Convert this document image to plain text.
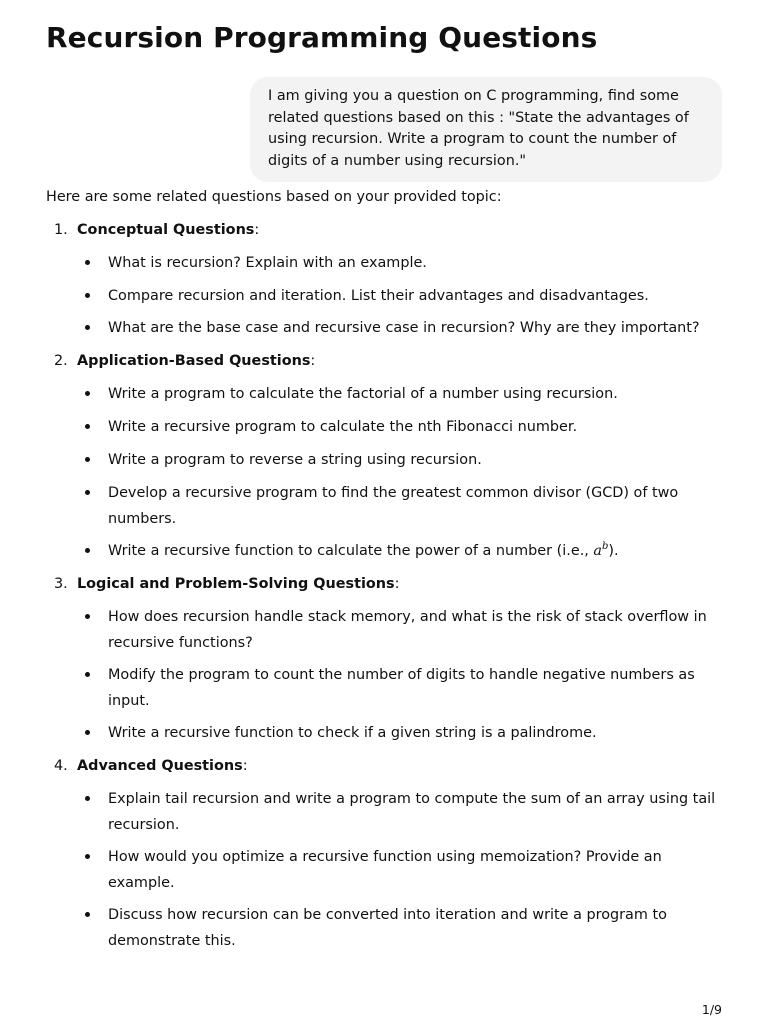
Recursion Programming Questions
I am giving you a question on C programming, find some related questions based on this : "State the advantages of using recursion. Write a program to count the number of digits of a number using recursion."
Here are some related questions based on your provided topic:
1. Conceptual Questions:
What is recursion? Explain with an example.
Compare recursion and iteration. List their advantages and disadvantages.
What are the base case and recursive case in recursion? Why are they important?
2. Application-Based Questions:
Write a program to calculate the factorial of a number using recursion.
Write a recursive program to calculate the nth Fibonacci number.
Write a program to reverse a string using recursion.
Develop a recursive program to find the greatest common divisor (GCD) of two numbers.
Write a recursive function to calculate the power of a number (i.e., $a^b$).
3. Logical and Problem-Solving Questions:
How does recursion handle stack memory, and what is the risk of stack overflow in recursive functions?
Modify the program to count the number of digits to handle negative numbers as input.
Write a recursive function to check if a given string is a palindrome.
4. Advanced Questions:
Explain tail recursion and write a program to compute the sum of an array using tail recursion.
How would you optimize a recursive function using memoization? Provide an example.
Discuss how recursion can be converted into iteration and write a program to demonstrate this.
1/9
